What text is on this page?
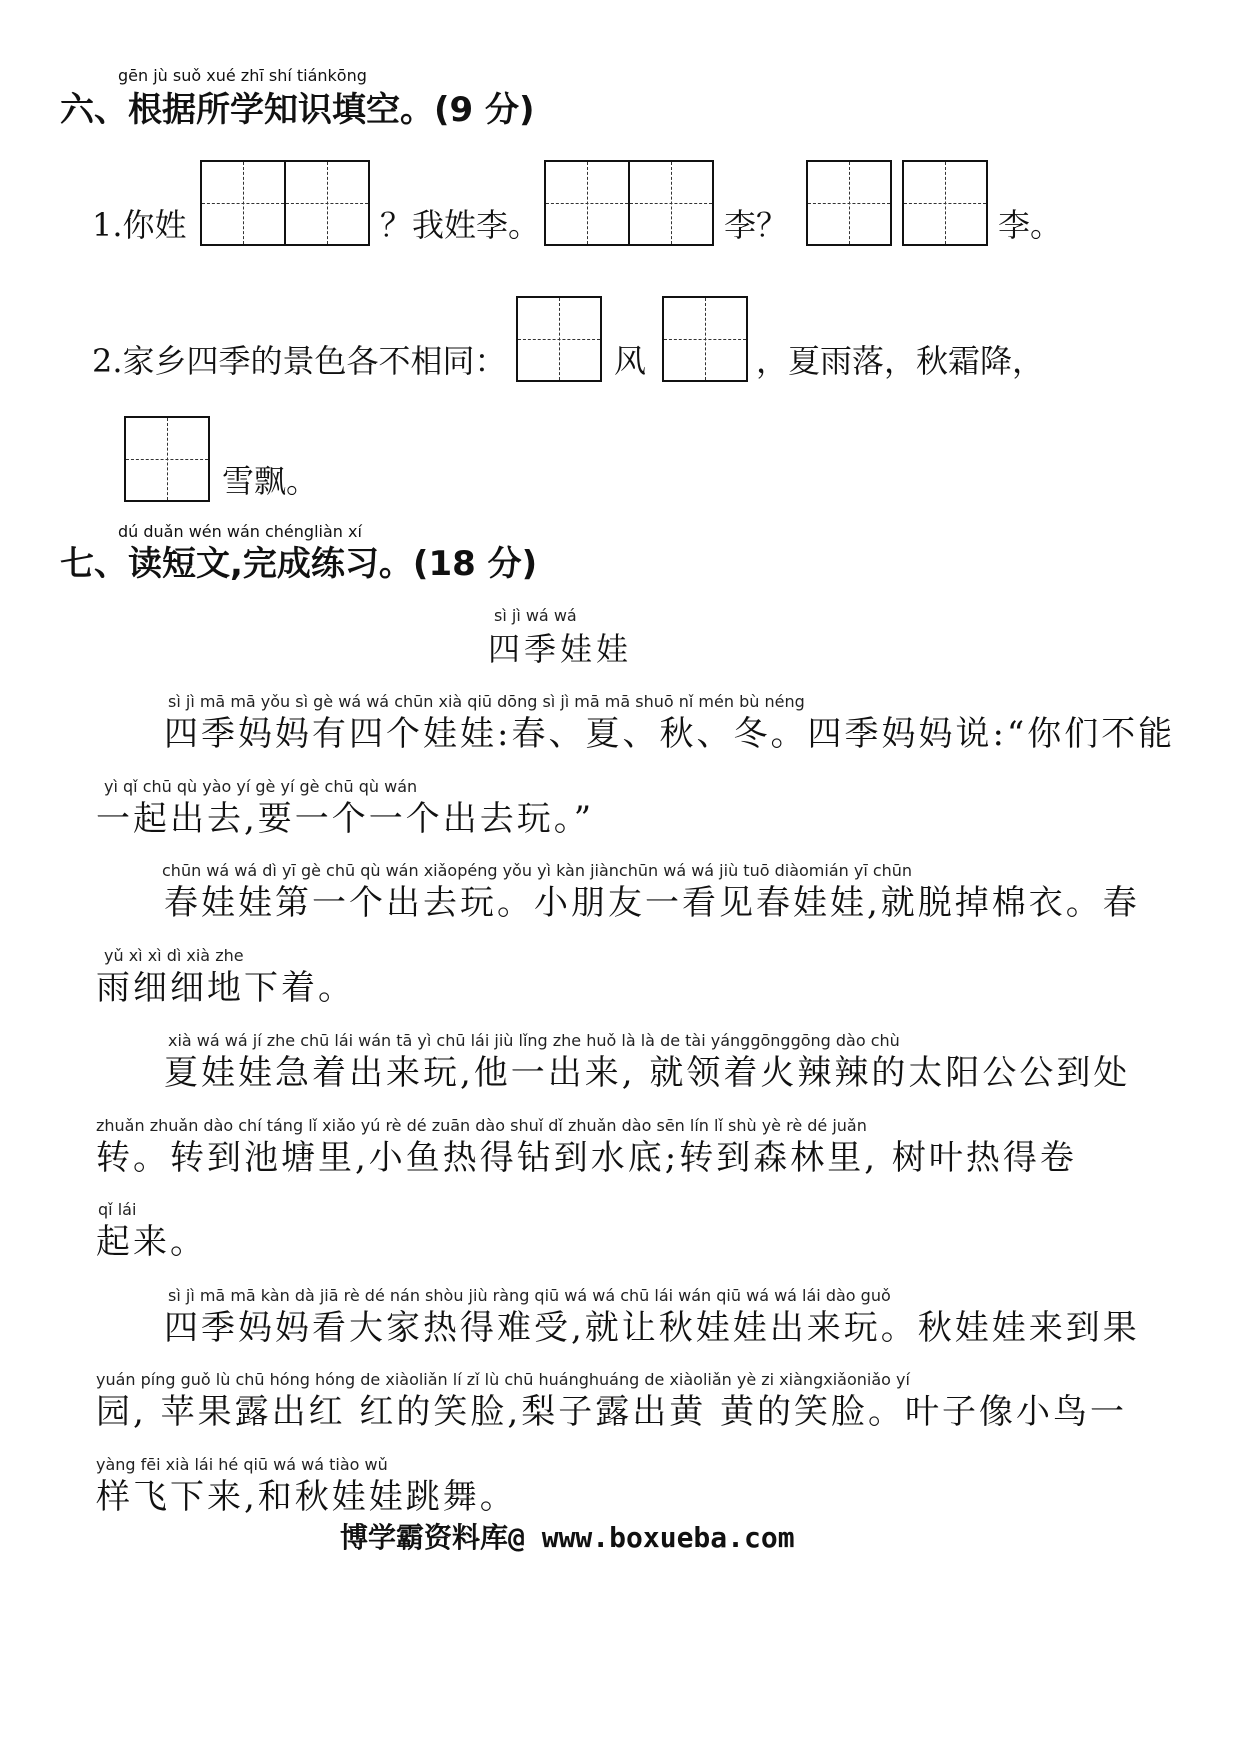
gēn jù suǒ xué zhī shí tiánkōng
六、根据所学知识填空。(9 分)
1.你姓	？我姓李。	李？	李。
2.家乡四季的景色各不相同：	风	，夏雨落，秋霜降，
雪飘。
dú duǎn wén wán chéngliàn xí
七、读短文,完成练习。(18 分)
sì jì wá wá
四季娃娃
sì jì mā mā yǒu sì gè wá wá chūn xià qiū dōng sì jì mā mā shuō nǐ mén bù néng
四季妈妈有四个娃娃:春、夏、秋、冬。四季妈妈说:“你们不能
yì qǐ chū qù yào yí gè yí gè chū qù wán
一起出去,要一个一个出去玩。”
chūn wá wá dì yī gè chū qù wán xiǎopéng yǒu yì kàn jiànchūn wá wá jiù tuō diàomián yī chūn
春娃娃第一个出去玩。小朋友一看见春娃娃,就脱掉棉衣。春
yǔ xì xì dì xià zhe
雨细细地下着。
xià wá wá jí zhe chū lái wán tā yì chū lái jiù lǐng zhe huǒ là là de tài yánggōnggōng dào chù
夏娃娃急着出来玩,他一出来, 就领着火辣辣的太阳公公到处
zhuǎn zhuǎn dào chí táng lǐ xiǎo yú rè dé zuān dào shuǐ dǐ zhuǎn dào sēn lín lǐ shù yè rè dé juǎn
转。转到池塘里,小鱼热得钻到水底;转到森林里, 树叶热得卷
qǐ lái
起来。
sì jì mā mā kàn dà jiā rè dé nán shòu jiù ràng qiū wá wá chū lái wán qiū wá wá lái dào guǒ
四季妈妈看大家热得难受,就让秋娃娃出来玩。秋娃娃来到果
yuán píng guǒ lù chū hóng hóng de xiàoliǎn lí zǐ lù chū huánghuáng de xiàoliǎn yè zi xiàngxiǎoniǎo yí
园, 苹果露出红 红的笑脸,梨子露出黄 黄的笑脸。叶子像小鸟一
yàng fēi xià lái hé qiū wá wá tiào wǔ
样飞下来,和秋娃娃跳舞。
博学霸资料库@ www.boxueba.com
